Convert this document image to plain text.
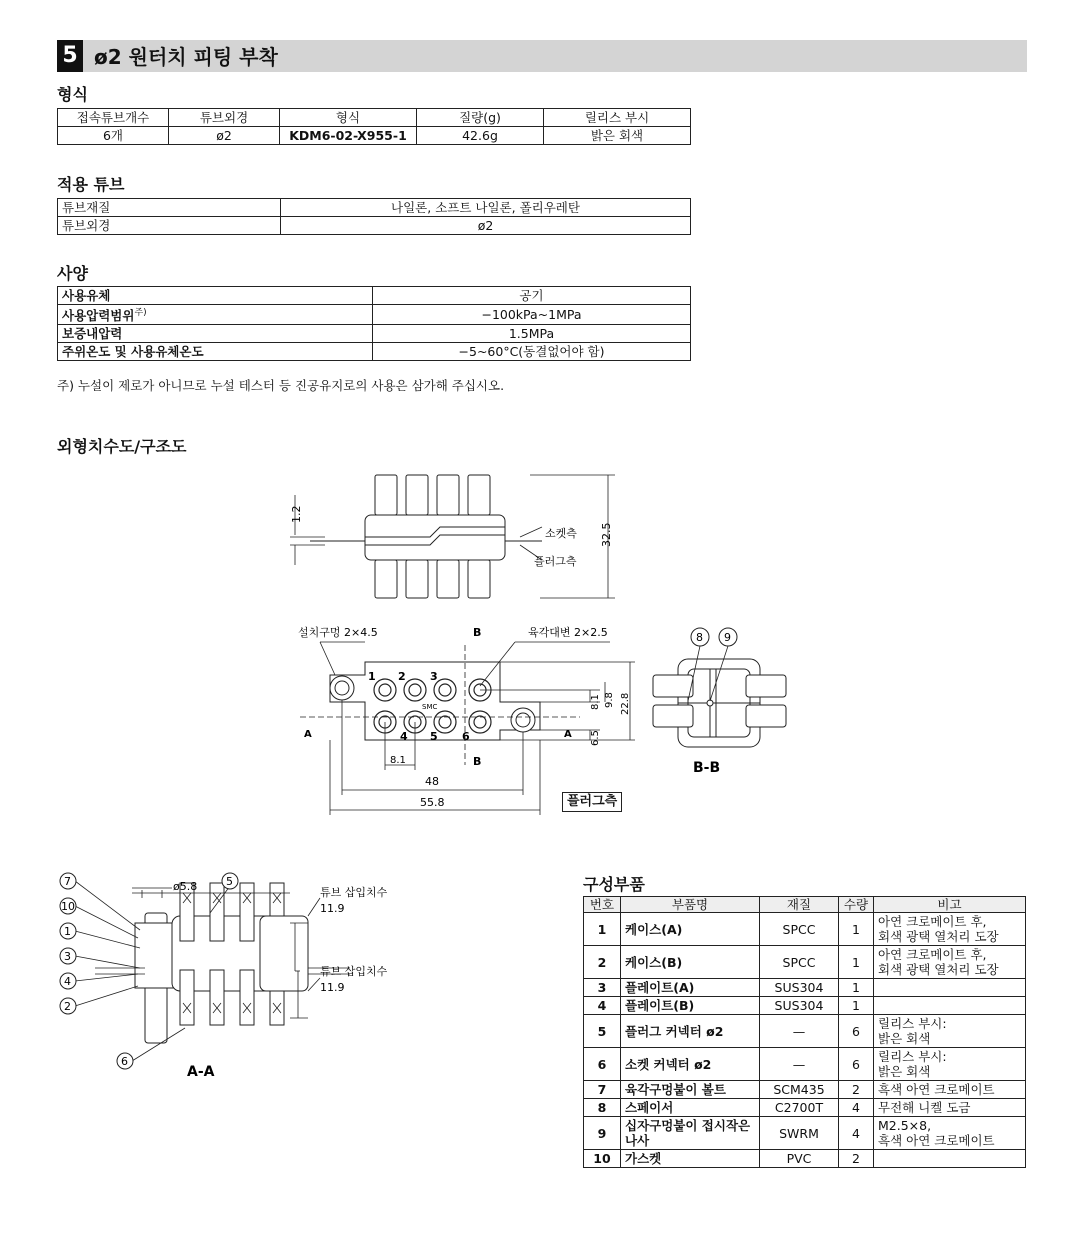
5 ø2 원터치 피팅 부착
형식
접속튜브개수	튜브외경	형식	질량(g)	릴리스 부시
6개	ø2	KDM6-02-X955-1	42.6g	밝은 회색
적용 튜브
튜브재질	나일론, 소프트 나일론, 폴리우레탄
튜브외경	ø2
사양
사용유체	공기
사용압력범위$^{주)}$	−100kPa~1MPa
보증내압력	1.5MPa
주위온도 및 사용유체온도	−5~60°C(동결없어야 함)
주) 누설이 제로가 아니므로 누설 테스터 등 진공유지로의 사용은 삼가해 주십시오.
외형치수도/구조도
1.2
32.5
소켓측
플러그측
1 2 3
4 5 6
SMC
설치구멍 2×4.5	육각대변 2×2.5
B
B
A	A
8.1 9.8 22.8
6.5
8.1
48
55.8	플러그측
8 9
B-B
7
10
1
3
4
2
5
6
ø5.8	튜브 삽입치수
11.9
튜브 삽입치수
11.9
A-A
구성부품
번호	부품명	재질	수량	비고
1	케이스(A)	SPCC	1	아연 크로메이트 후,
회색 광택 열처리 도장
2	케이스(B)	SPCC	1	아연 크로메이트 후,
회색 광택 열처리 도장
3	플레이트(A)	SUS304	1	
4	플레이트(B)	SUS304	1	
5	플러그 커넥터 ø2	—	6	릴리스 부시:
밝은 회색
6	소켓 커넥터 ø2	—	6	릴리스 부시:
밝은 회색
7	육각구멍붙이 볼트	SCM435	2	흑색 아연 크로메이트
8	스페이서	C2700T	4	무전해 니켈 도금
9	십자구멍붙이 접시작은
나사	SWRM	4	M2.5×8,
흑색 아연 크로메이트
10	가스켓	PVC	2	
